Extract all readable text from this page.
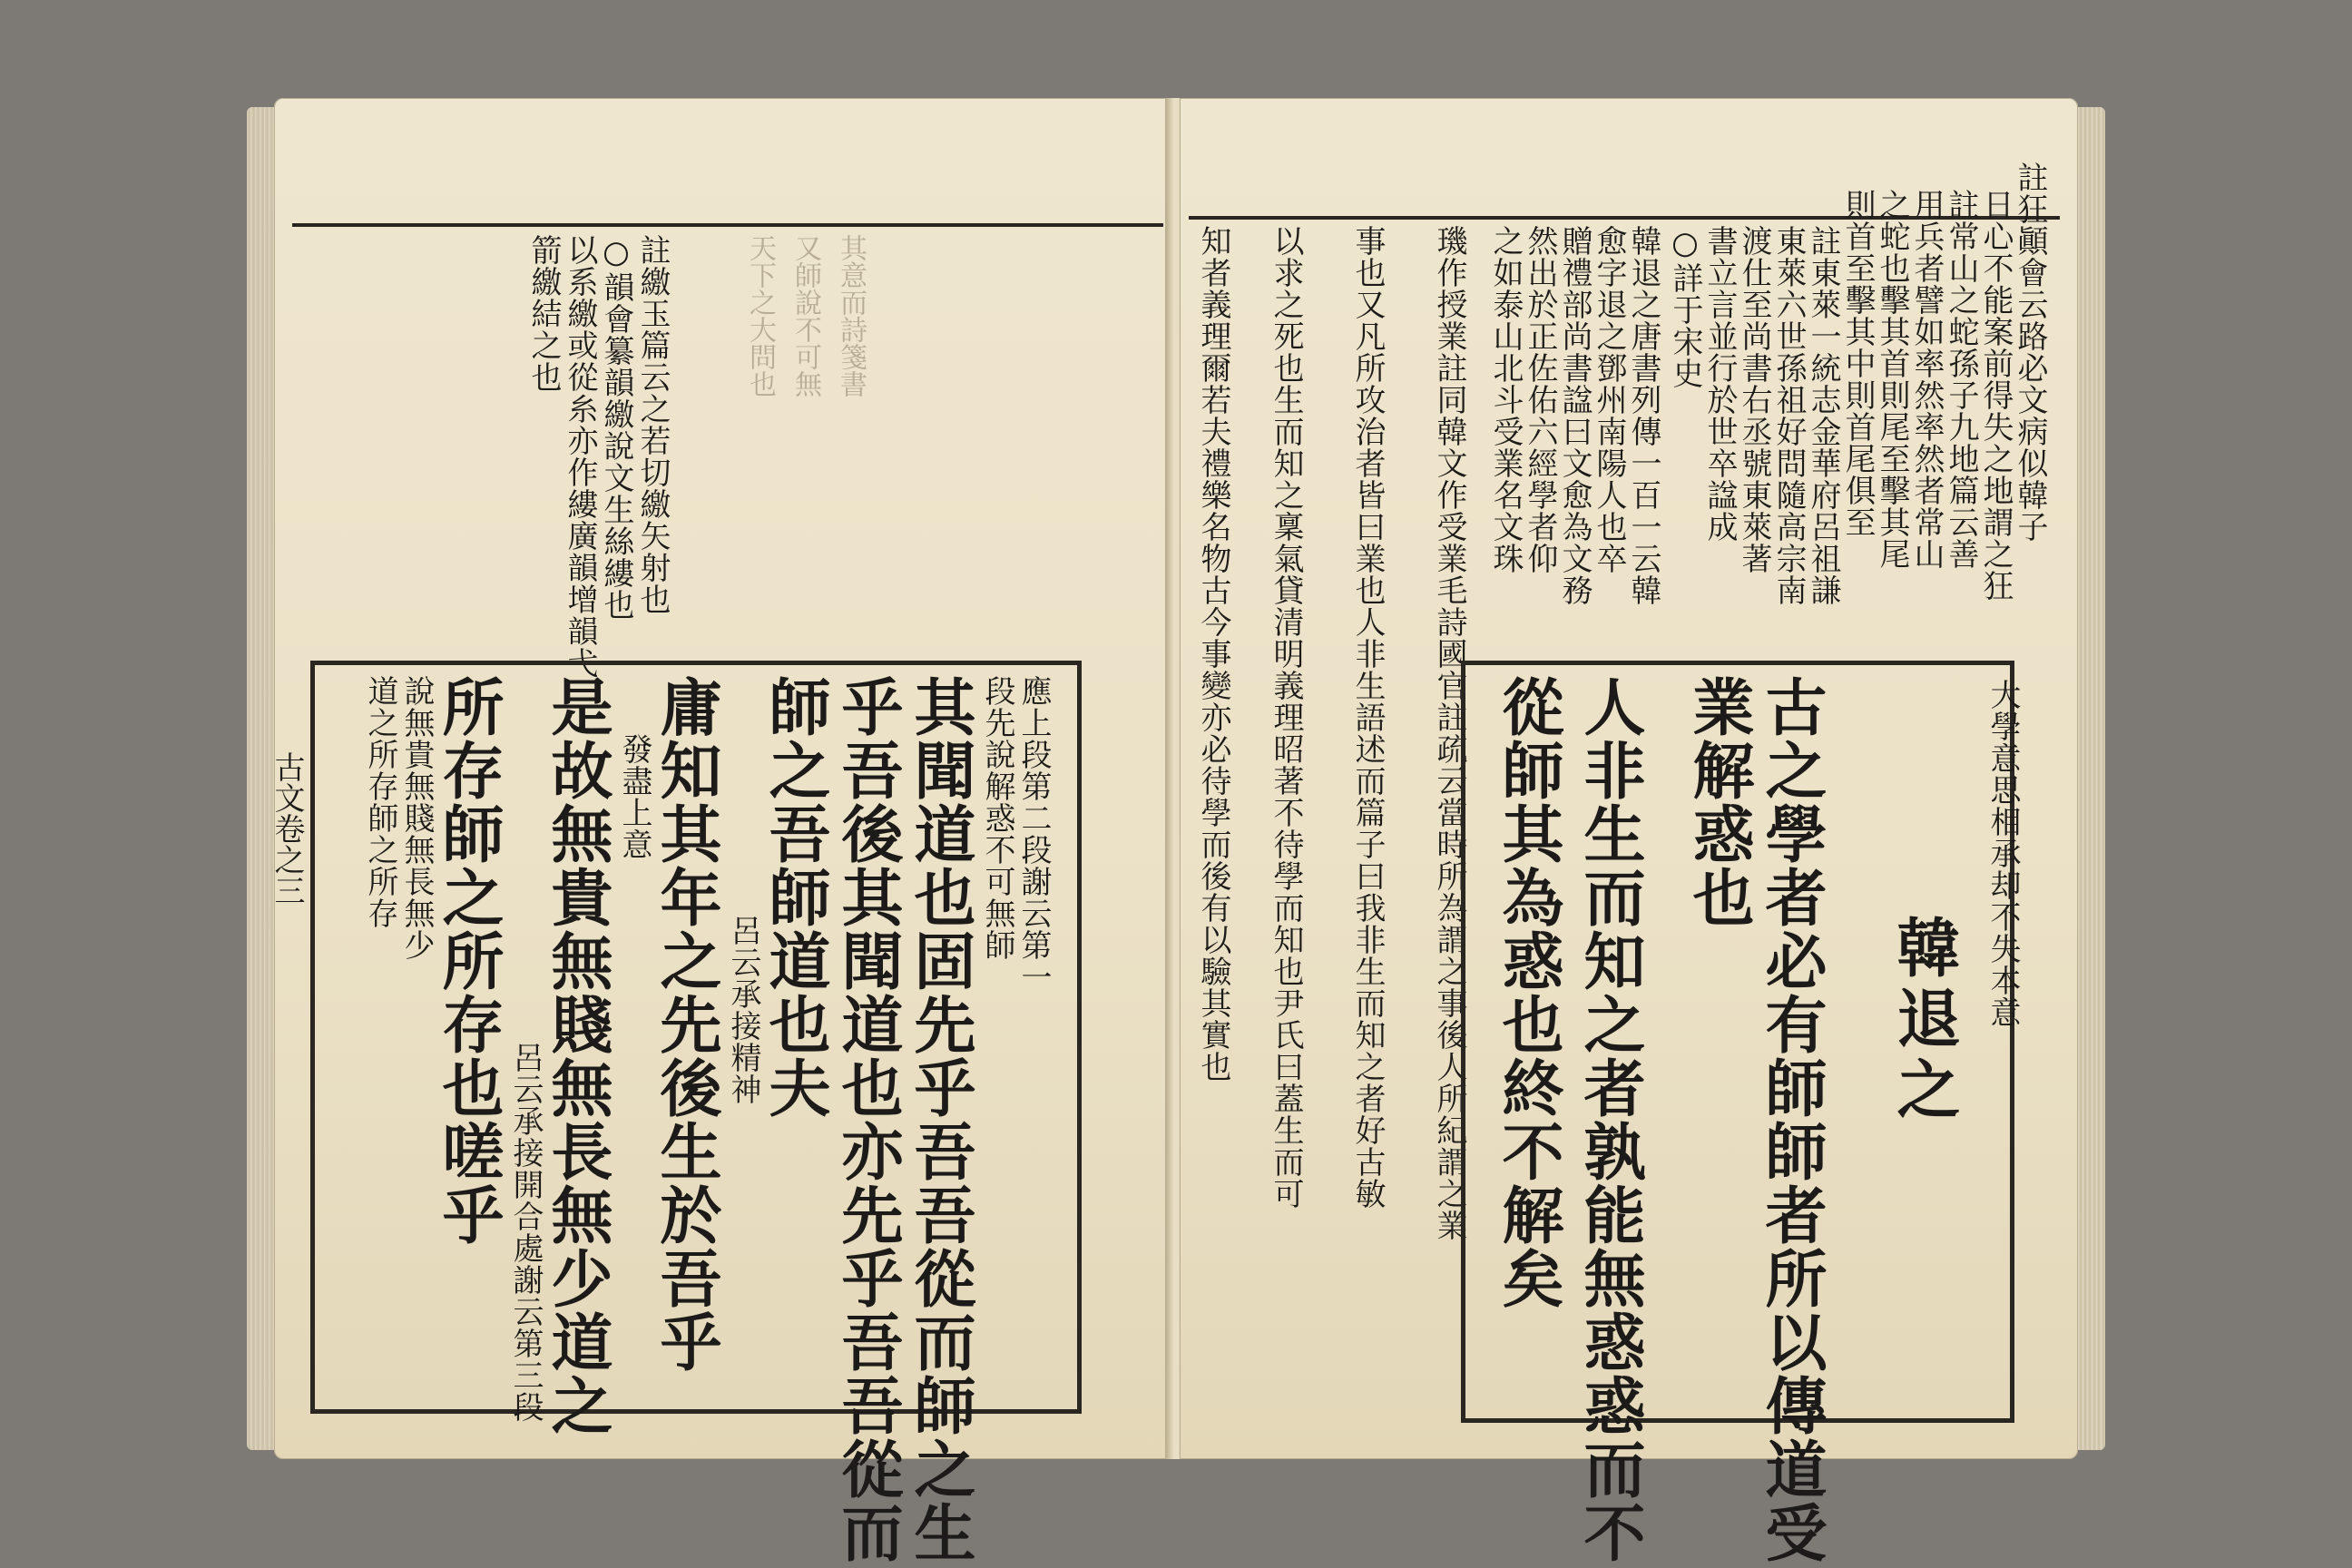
其意而詩箋書
又師說不可無
天下之大問也
註繳玉篇云之若切繳矢射也
○韻會纂韻繳說文生絲縷也
以系繳或從糸亦作縷廣韻增韻弋
箭繳結之也
應上段第二段謝云第一
段先說解惑不可無師
其聞道也固先乎吾吾從而師之生
乎吾後其聞道也亦先乎吾吾從而
師之吾師道也夫
呂云承接精神
庸知其年之先後生於吾乎
發盡上意
是故無貴無賤無長無少道之
呂云承接開合處謝云第三段
所存師之所存也嗟乎
說無貴無賤無長無少
道之所存師之所存
古文卷之三
註狂顚會云路必文病似韓子
日心不能案前得失之地謂之狂
註常山之蛇孫子九地篇云善
用兵者譬如率然率然者常山
之蛇也擊其首則尾至擊其尾
則首至擊其中則首尾俱至
註東萊一統志金華府呂祖謙
東萊六世孫祖好問隨高宗南
渡仕至尚書右丞號東萊著
書立言並行於世卒諡成
○詳于宋史
韓退之唐書列傳一百一云韓
愈字退之鄧州南陽人也卒
贈禮部尚書諡曰文愈為文務
然出於正佐佑六經學者仰
之如泰山北斗受業名文珠
璣作授業註同韓文作受業毛詩國官註疏云當時所為謂之事後人所紀謂之業
事也又凡所攻治者皆曰業也人非生語述而篇子曰我非生而知之者好古敏
以求之死也生而知之稟氣貸清明義理昭著不待學而知也尹氏曰蓋生而可
知者義理爾若夫禮樂名物古今事變亦必待學而後有以驗其實也	大學意思相承却不失本意
韓退之
古之學者必有師師者所以傳道受
業解惑也
人非生而知之者孰能無惑惑而不
從師其為惑也終不解矣
